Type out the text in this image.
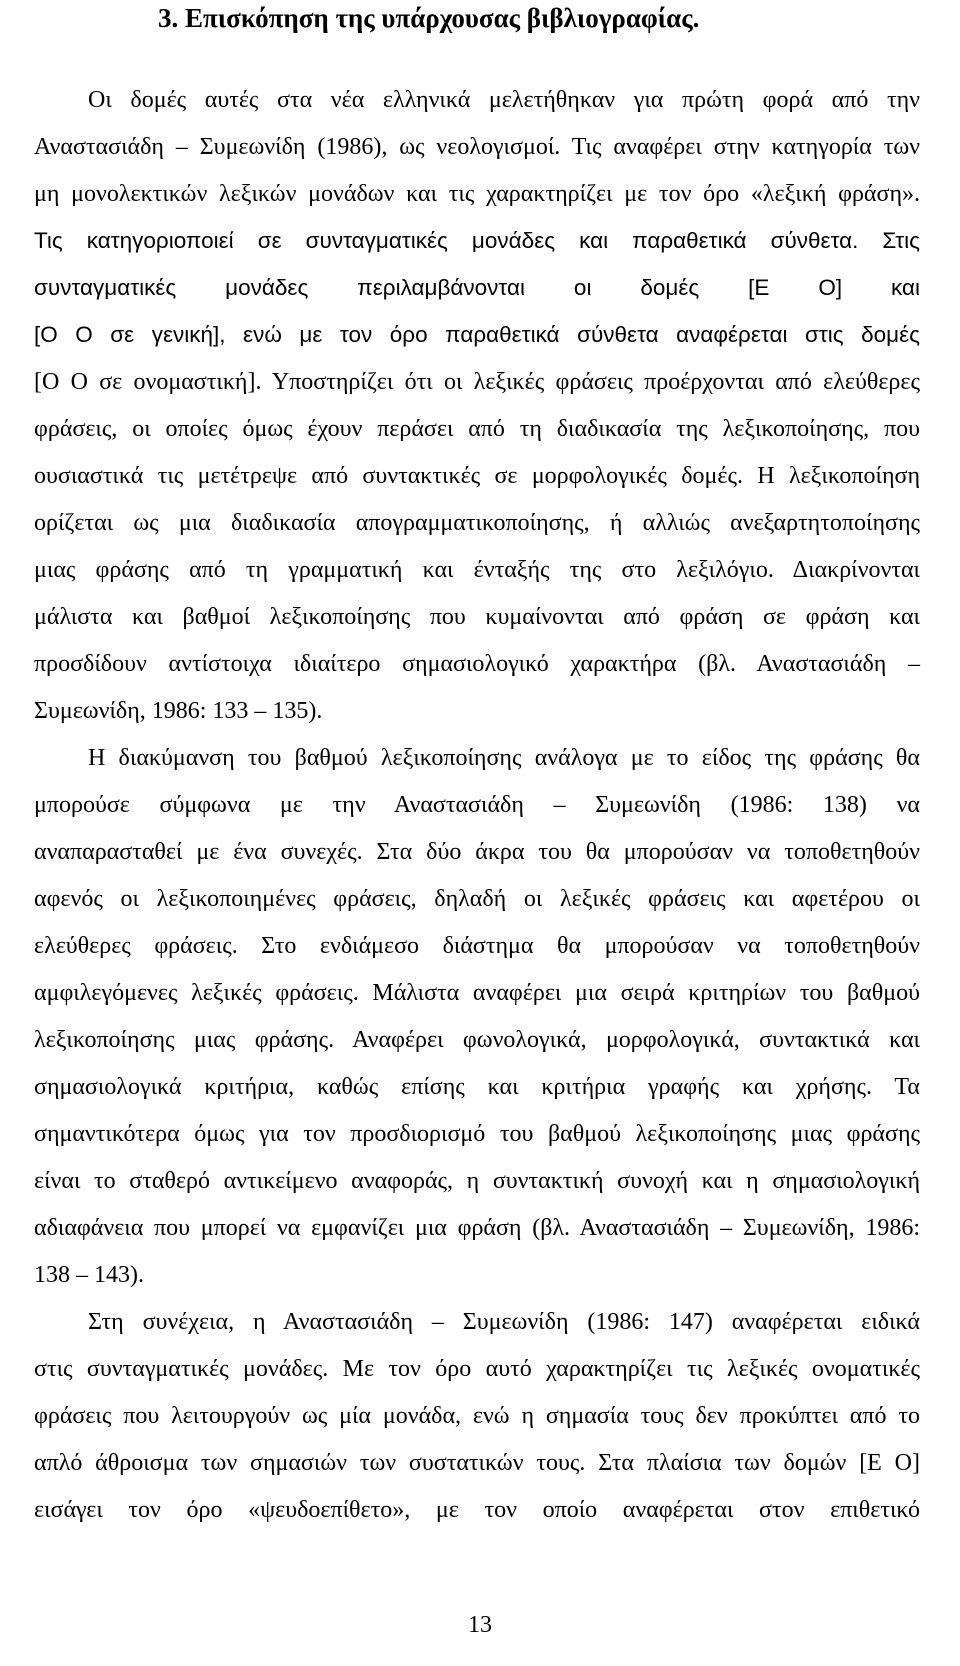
3. Επισκόπηση της υπάρχουσας βιβλιογραφίας.
Οι δομές αυτές στα νέα ελληνικά μελετήθηκαν για πρώτη φορά από την
Αναστασιάδη – Συμεωνίδη (1986), ως νεολογισμοί. Τις αναφέρει στην κατηγορία των
μη μονολεκτικών λεξικών μονάδων και τις χαρακτηρίζει με τον όρο «λεξική φράση».
Τις κατηγοριοποιεί σε συνταγματικές μονάδες και παραθετικά σύνθετα. Στις
συνταγματικές μονάδες περιλαμβάνονται οι δομές [Ε Ο] και
[Ο Ο σε γενική], ενώ με τον όρο παραθετικά σύνθετα αναφέρεται στις δομές
[Ο Ο σε ονομαστική]. Υποστηρίζει ότι οι λεξικές φράσεις προέρχονται από ελεύθερες
φράσεις, οι οποίες όμως έχουν περάσει από τη διαδικασία της λεξικοποίησης, που
ουσιαστικά τις μετέτρεψε από συντακτικές σε μορφολογικές δομές. Η λεξικοποίηση
ορίζεται ως μια διαδικασία απογραμματικοποίησης, ή αλλιώς ανεξαρτητοποίησης
μιας φράσης από τη γραμματική και ένταξής της στο λεξιλόγιο. Διακρίνονται
μάλιστα και βαθμοί λεξικοποίησης που κυμαίνονται από φράση σε φράση και
προσδίδουν αντίστοιχα ιδιαίτερο σημασιολογικό χαρακτήρα (βλ. Αναστασιάδη –
Συμεωνίδη, 1986: 133 – 135).
Η διακύμανση του βαθμού λεξικοποίησης ανάλογα με το είδος της φράσης θα
μπορούσε σύμφωνα με την Αναστασιάδη – Συμεωνίδη (1986: 138) να
αναπαρασταθεί με ένα συνεχές. Στα δύο άκρα του θα μπορούσαν να τοποθετηθούν
αφενός οι λεξικοποιημένες φράσεις, δηλαδή οι λεξικές φράσεις και αφετέρου οι
ελεύθερες φράσεις. Στο ενδιάμεσο διάστημα θα μπορούσαν να τοποθετηθούν
αμφιλεγόμενες λεξικές φράσεις. Μάλιστα αναφέρει μια σειρά κριτηρίων του βαθμού
λεξικοποίησης μιας φράσης. Αναφέρει φωνολογικά, μορφολογικά, συντακτικά και
σημασιολογικά κριτήρια, καθώς επίσης και κριτήρια γραφής και χρήσης. Τα
σημαντικότερα όμως για τον προσδιορισμό του βαθμού λεξικοποίησης μιας φράσης
είναι το σταθερό αντικείμενο αναφοράς, η συντακτική συνοχή και η σημασιολογική
αδιαφάνεια που μπορεί να εμφανίζει μια φράση (βλ. Αναστασιάδη – Συμεωνίδη, 1986:
138 – 143).
Στη συνέχεια, η Αναστασιάδη – Συμεωνίδη (1986: 147) αναφέρεται ειδικά
στις συνταγματικές μονάδες. Με τον όρο αυτό χαρακτηρίζει τις λεξικές ονοματικές
φράσεις που λειτουργούν ως μία μονάδα, ενώ η σημασία τους δεν προκύπτει από το
απλό άθροισμα των σημασιών των συστατικών τους. Στα πλαίσια των δομών [Ε Ο]
εισάγει τον όρο «ψευδοεπίθετο», με τον οποίο αναφέρεται στον επιθετικό
13
